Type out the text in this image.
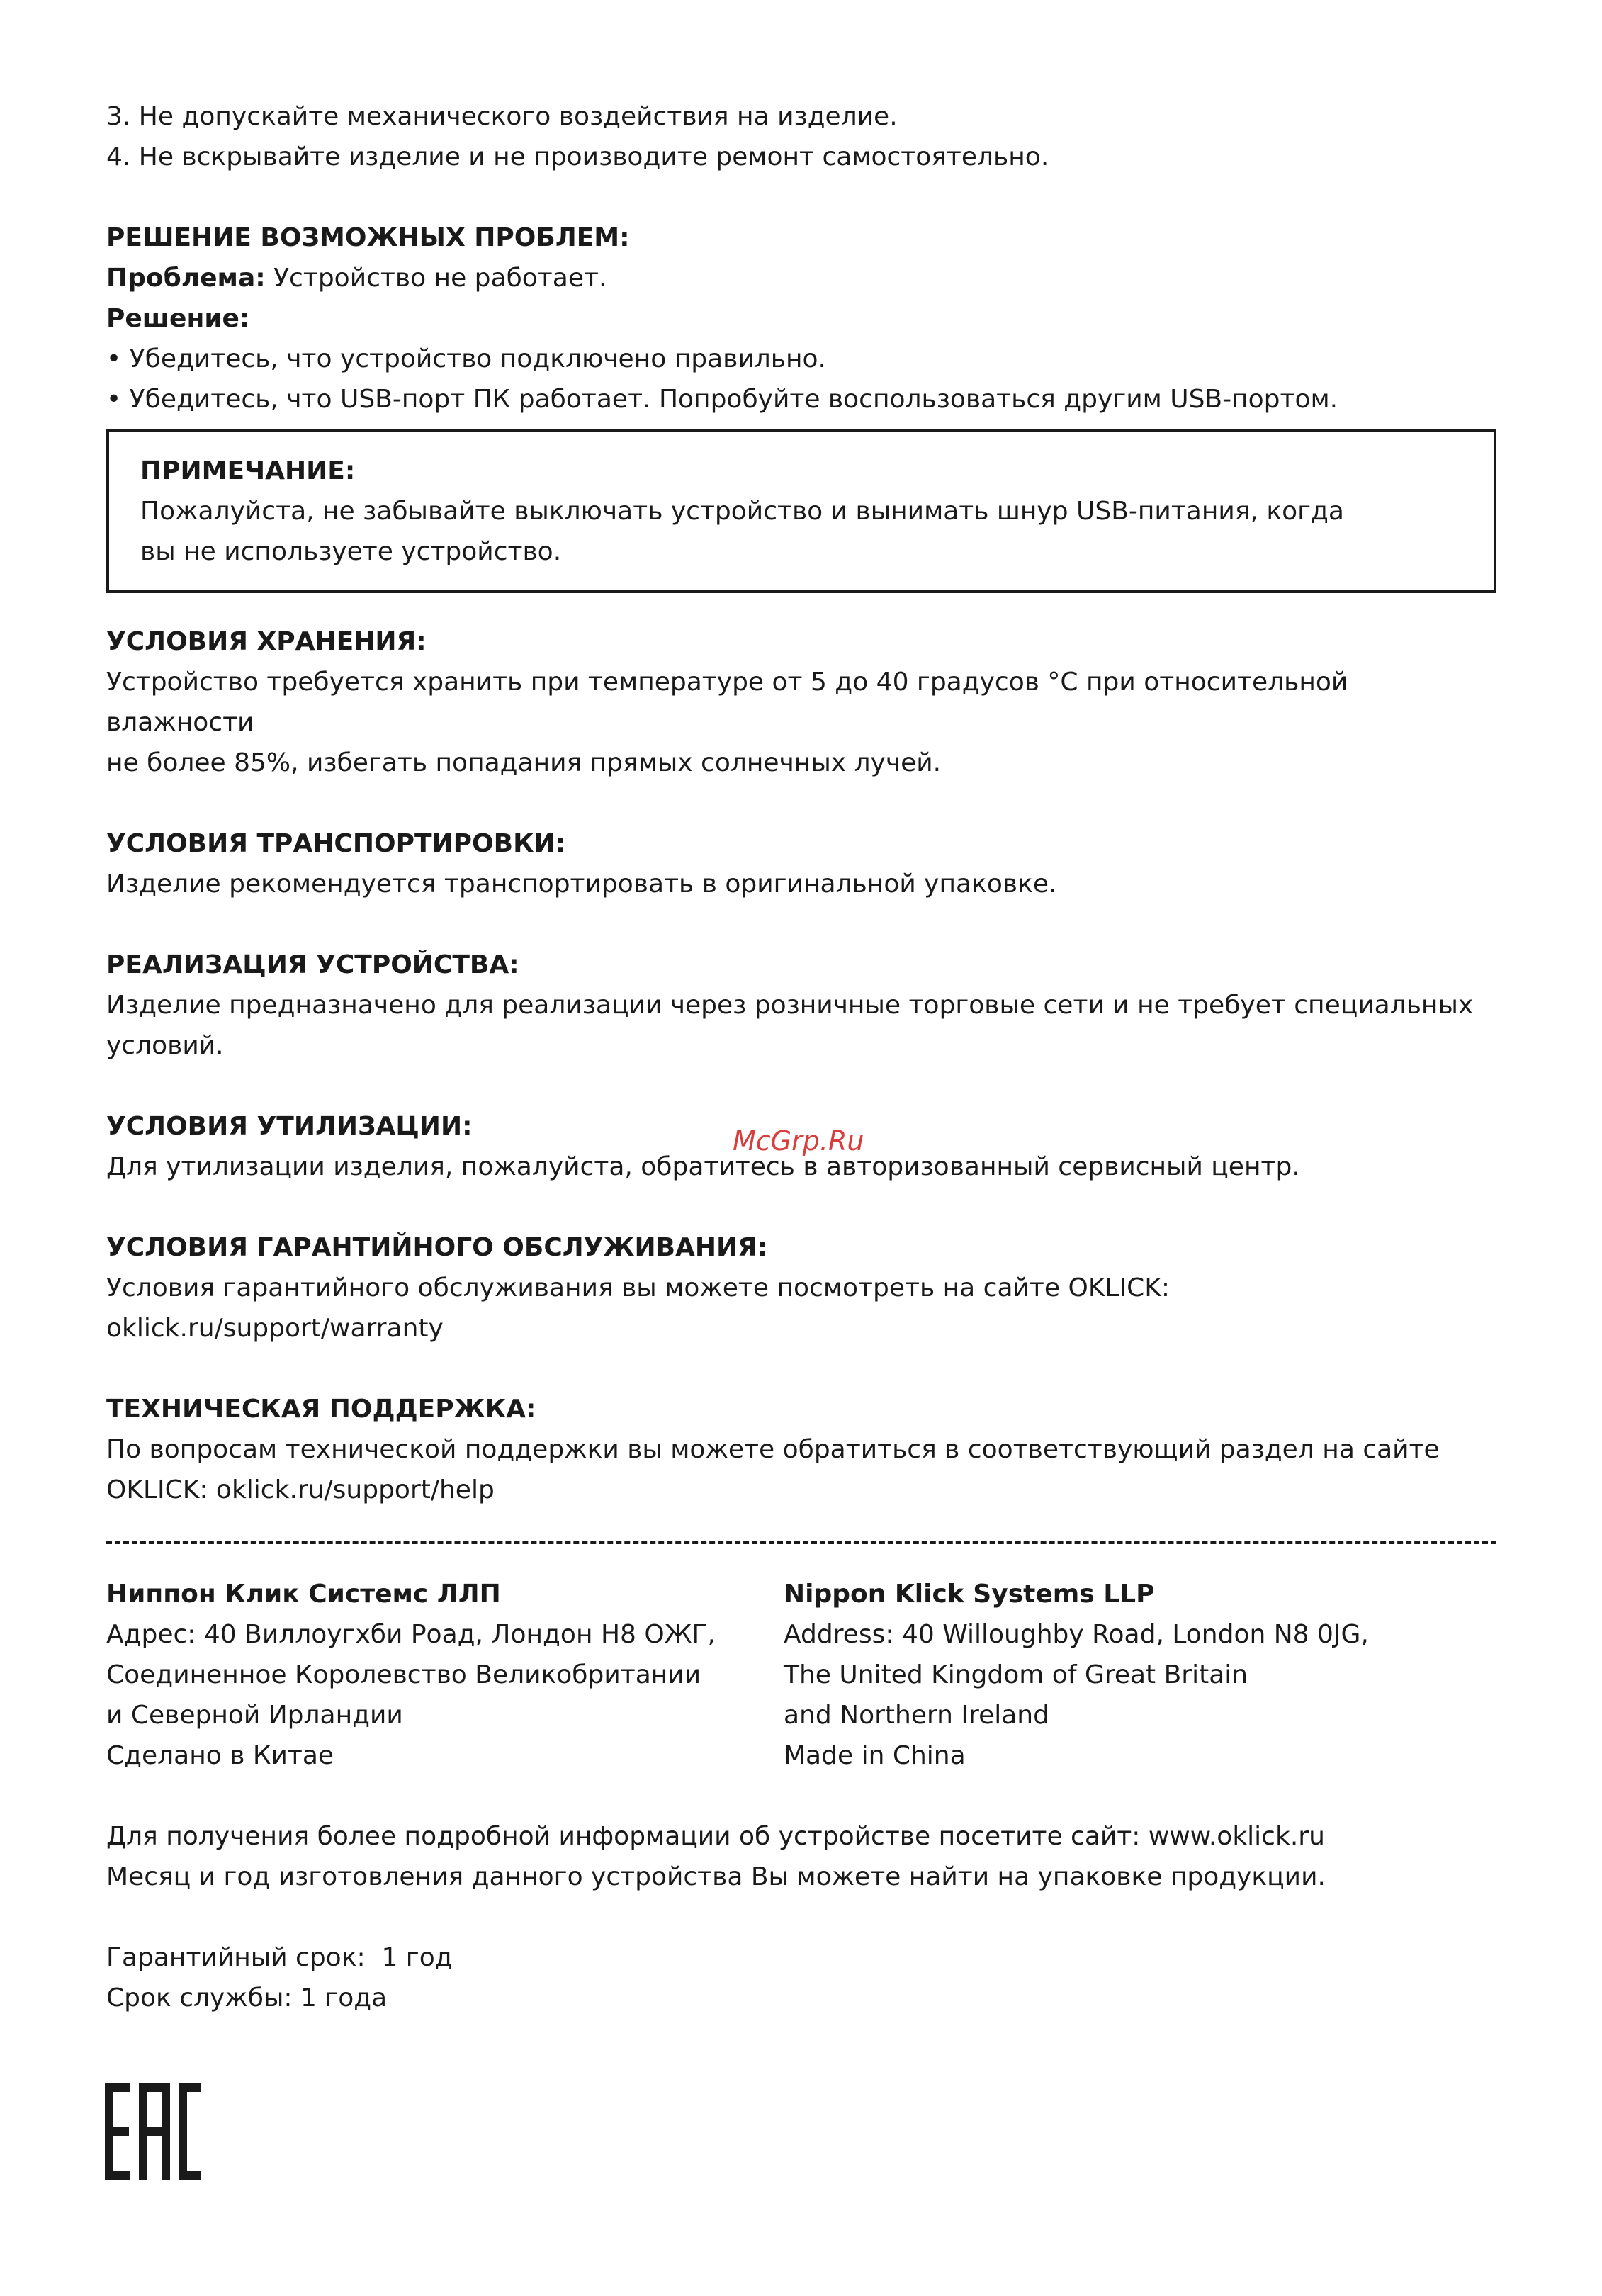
3. Не допускайте механического воздействия на изделие.

4. Не вскрывайте изделие и не производите ремонт самостоятельно.

РЕШЕНИЕ ВОЗМОЖНЫХ ПРОБЛЕМ:

Проблема: Устройство не работает.

Решение:

• Убедитесь, что устройство подключено правильно.

• Убедитесь, что USB-порт ПК работает. Попробуйте воспользоваться другим USB-портом.

ПРИМЕЧАНИЕ:

Пожалуйста, не забывайте выключать устройство и вынимать шнур USB-питания, когда

вы не используете устройство.

УСЛОВИЯ ХРАНЕНИЯ:

Устройство требуется хранить при температуре от 5 до 40 градусов °С при относительной влажности

не более 85%, избегать попадания прямых солнечных лучей.

УСЛОВИЯ ТРАНСПОРТИРОВКИ:

Изделие рекомендуется транспортировать в оригинальной упаковке.

РЕАЛИЗАЦИЯ УСТРОЙСТВА:

Изделие предназначено для реализации через розничные торговые сети и не требует специальных

условий.

УСЛОВИЯ УТИЛИЗАЦИИ:

Для утилизации изделия, пожалуйста, обратитесь в авторизованный сервисный центр.

УСЛОВИЯ ГАРАНТИЙНОГО ОБСЛУЖИВАНИЯ:

Условия гарантийного обслуживания вы можете посмотреть на сайте OKLICK:

oklick.ru/support/warranty

ТЕХНИЧЕСКАЯ ПОДДЕРЖКА:

По вопросам технической поддержки вы можете обратиться в соответствующий раздел на сайте

OKLICK: oklick.ru/support/help

Ниппон Клик Системс ЛЛП

Адрес: 40 Виллоугхби Роад, Лондон Н8 ОЖГ,

Соединенное Королевство Великобритании

и Северной Ирландии

Сделано в Китае

Nippon Klick Systems LLP

Address: 40 Willoughby Road, London N8 0JG,

The United Kingdom of Great Britain

and Northern Ireland

Made in China

Для получения более подробной информации об устройстве посетите сайт: www.oklick.ru

Месяц и год изготовления данного устройства Вы можете найти на упаковке продукции.

Гарантийный срок:  1 год

Срок службы: 1 года

McGrp.Ru
